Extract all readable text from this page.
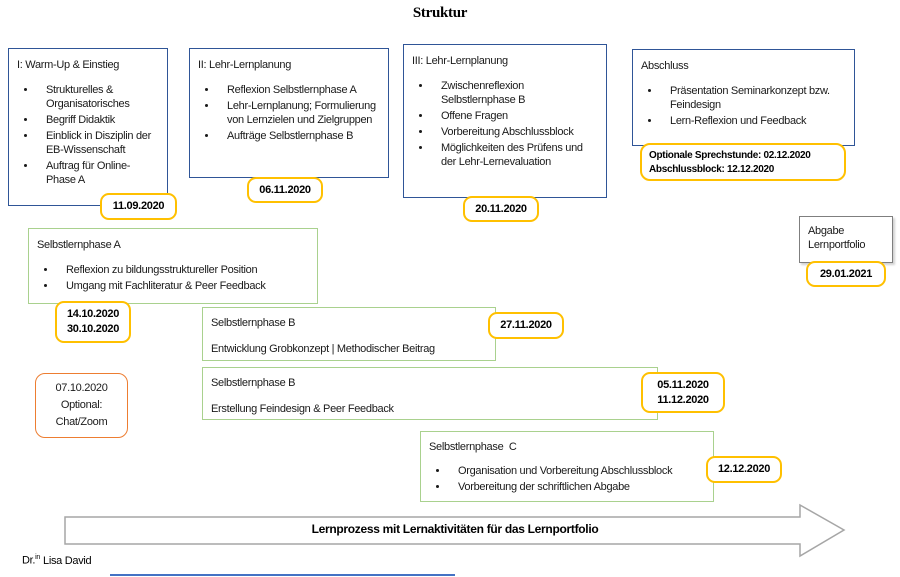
Struktur
I: Warm-Up & Einstieg
• Strukturelles & Organisatorisches
• Begriff Didaktik
• Einblick in Disziplin der EB-Wissenschaft
• Auftrag für Online-Phase A
11.09.2020
II: Lehr-Lernplanung
• Reflexion Selbstlernphase A
• Lehr-Lernplanung; Formulierung von Lernzielen und Zielgruppen
• Aufträge Selbstlernphase B
06.11.2020
III: Lehr-Lernplanung
• Zwischenreflexion Selbstlernphase B
• Offene Fragen
• Vorbereitung Abschlussblock
• Möglichkeiten des Prüfens und der Lehr-Lernevaluation
20.11.2020
Abschluss
• Präsentation Seminarkonzept bzw. Feindesign
• Lern-Reflexion und Feedback
Optionale Sprechstunde: 02.12.2020
Abschlussblock: 12.12.2020
Abgabe
Lernportfolio
29.01.2021
Selbstlernphase A
• Reflexion zu bildungsstruktureller Position
• Umgang mit Fachliteratur & Peer Feedback
14.10.2020
30.10.2020	Selbstlernphase B
Entwicklung Grobkonzept | Methodischer Beitrag
27.11.2020
Selbstlernphase B
Erstellung Feindesign & Peer Feedback
05.11.2020
11.12.2020
07.10.2020
Optional:
Chat/Zoom
Selbstlernphase  C
• Organisation und Vorbereitung Abschlussblock
• Vorbereitung der schriftlichen Abgabe
12.12.2020
Lernprozess mit Lernaktivitäten für das Lernportfolio
Dr.$^{in}$ Lisa David
